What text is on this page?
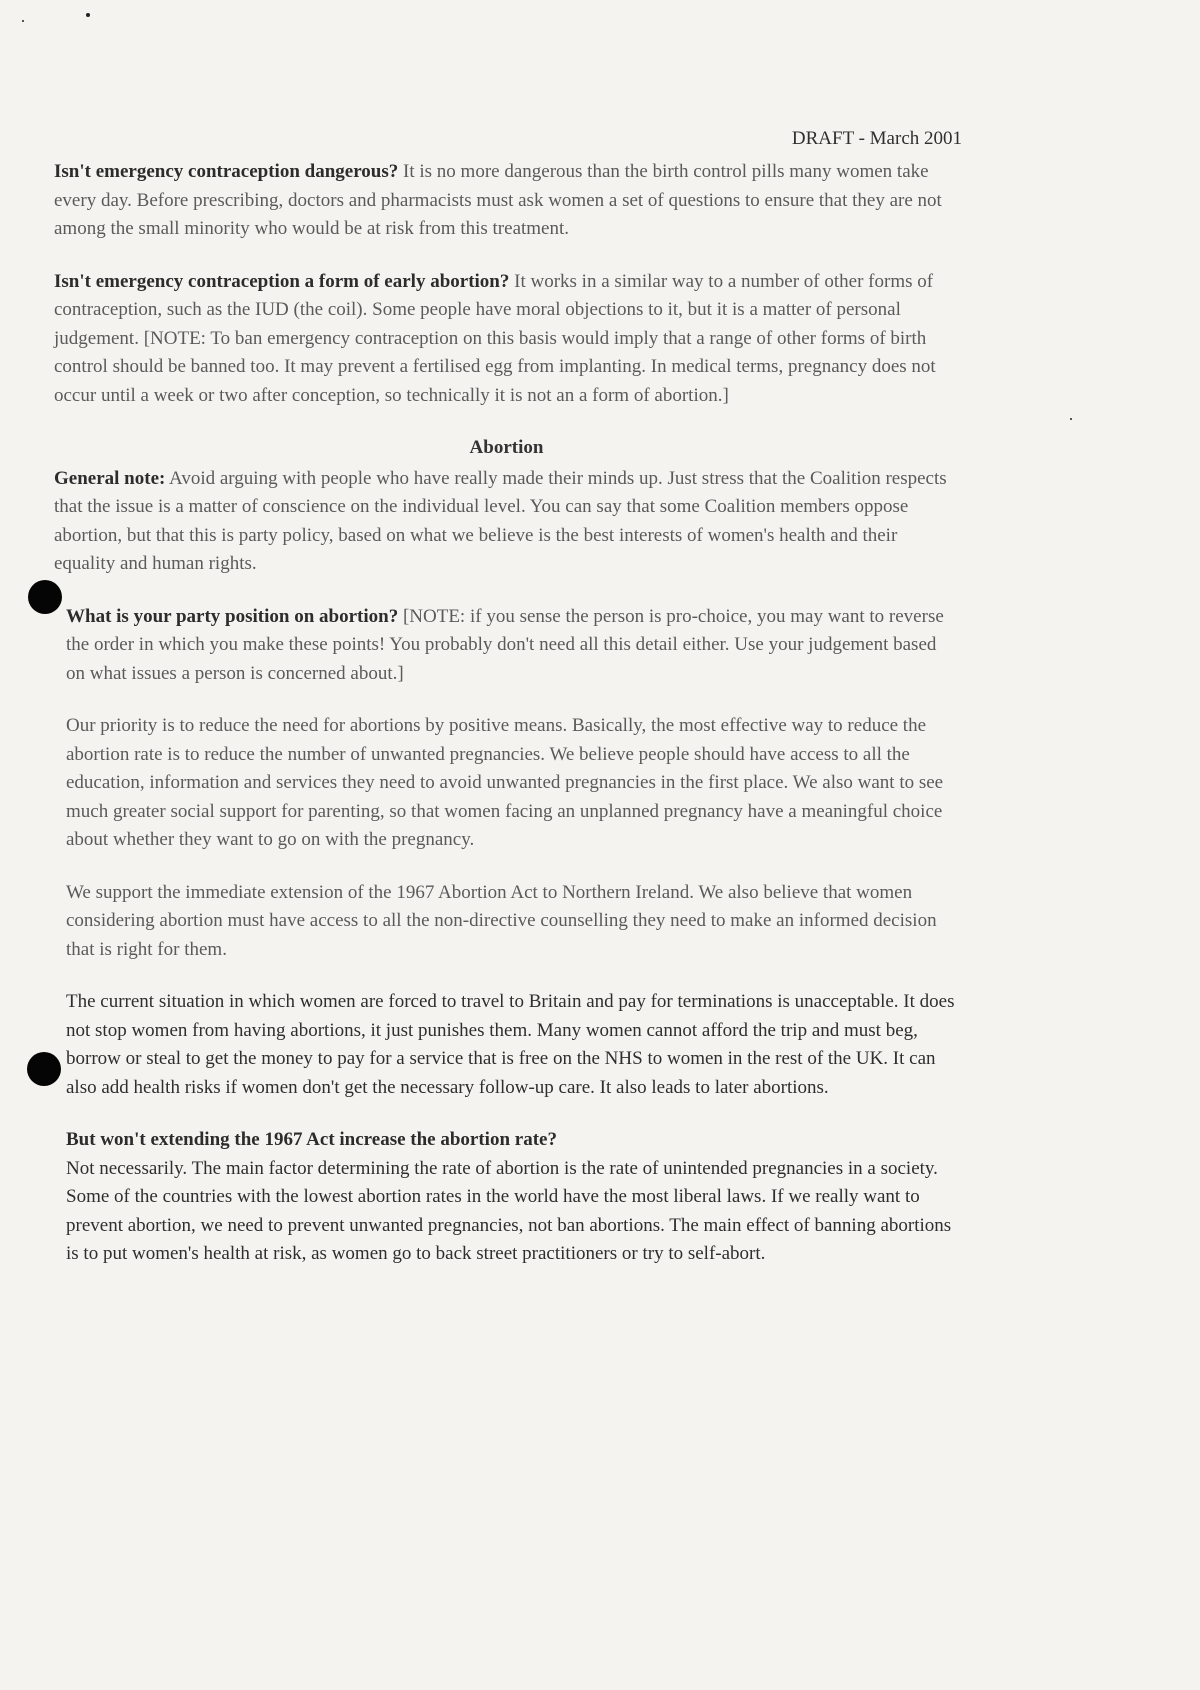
DRAFT - March 2001

Isn't emergency contraception dangerous? It is no more dangerous than the birth control pills many women take every day. Before prescribing, doctors and pharmacists must ask women a set of questions to ensure that they are not among the small minority who would be at risk from this treatment.

Isn't emergency contraception a form of early abortion? It works in a similar way to a number of other forms of contraception, such as the IUD (the coil). Some people have moral objections to it, but it is a matter of personal judgement. [NOTE: To ban emergency contraception on this basis would imply that a range of other forms of birth control should be banned too. It may prevent a fertilised egg from implanting. In medical terms, pregnancy does not occur until a week or two after conception, so technically it is not an a form of abortion.]

Abortion

General note: Avoid arguing with people who have really made their minds up. Just stress that the Coalition respects that the issue is a matter of conscience on the individual level. You can say that some Coalition members oppose abortion, but that this is party policy, based on what we believe is the best interests of women's health and their equality and human rights.

What is your party position on abortion? [NOTE: if you sense the person is pro-choice, you may want to reverse the order in which you make these points! You probably don't need all this detail either. Use your judgement based on what issues a person is concerned about.]

Our priority is to reduce the need for abortions by positive means. Basically, the most effective way to reduce the abortion rate is to reduce the number of unwanted pregnancies. We believe people should have access to all the education, information and services they need to avoid unwanted pregnancies in the first place. We also want to see much greater social support for parenting, so that women facing an unplanned pregnancy have a meaningful choice about whether they want to go on with the pregnancy.

We support the immediate extension of the 1967 Abortion Act to Northern Ireland. We also believe that women considering abortion must have access to all the non-directive counselling they need to make an informed decision that is right for them.

The current situation in which women are forced to travel to Britain and pay for terminations is unacceptable. It does not stop women from having abortions, it just punishes them. Many women cannot afford the trip and must beg, borrow or steal to get the money to pay for a service that is free on the NHS to women in the rest of the UK. It can also add health risks if women don't get the necessary follow-up care. It also leads to later abortions.

But won't extending the 1967 Act increase the abortion rate?
Not necessarily. The main factor determining the rate of abortion is the rate of unintended pregnancies in a society. Some of the countries with the lowest abortion rates in the world have the most liberal laws. If we really want to prevent abortion, we need to prevent unwanted pregnancies, not ban abortions. The main effect of banning abortions is to put women's health at risk, as women go to back street practitioners or try to self-abort.
